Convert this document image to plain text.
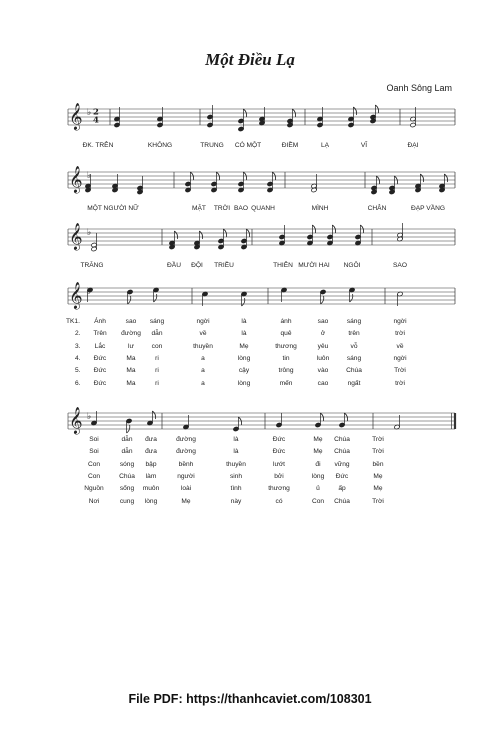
Một Điều Lạ
Oanh Sông Lam
𝄞 ♭
𝄞 ♭
𝄞 ♭
𝄞
𝄞 ♭
2
4
ĐK. TRÊN	KHÔNG	TRUNG CÓ MỘT	ĐIỀM	LẠ	VĨ	ĐẠI
MỘT NGƯỜI NỮ	MẶT TRỜI BAO QUANH	MÌNH	CHÂN	ĐẠP VẦNG
TRĂNG	ĐẦU ĐỘI TRIỀU	THIÊN MƯỜI HAI NGÔI	SAO
TK1. Ánh	sao sáng	ngời	là	ánh	sao	sáng	ngời
2. Trên đường dẫn	về	là	quê	ở	trên	trời
3. Lắc	lư	con	thuyền	Mẹ	thương	yêu	vỗ	về
4. Đức	Ma	ri	a	lòng	tin	luôn	sáng	ngời
5. Đức	Ma	ri	a	cậy	trông	vào	Chúa	Trời
6. Đức	Ma	ri	a	lòng	mến	cao	ngất	trời
Soi	dẫn đưa	đường	là	Đức	Mẹ Chúa	Trời
Soi	dẫn đưa	đường	là	Đức	Mẹ Chúa	Trời
Con	sóng bập	bềnh	thuyền	lướt	đi vững	bền
Con	Chúa làm	người	sinh	bởi	lòng Đức	Mẹ
Nguồn sống muôn	loài	tình	thương	ủ	ấp	Mẹ
Nơi	cung lòng	Mẹ	này	có	Con Chúa	Trời
File PDF: https://thanhcaviet.com/108301
